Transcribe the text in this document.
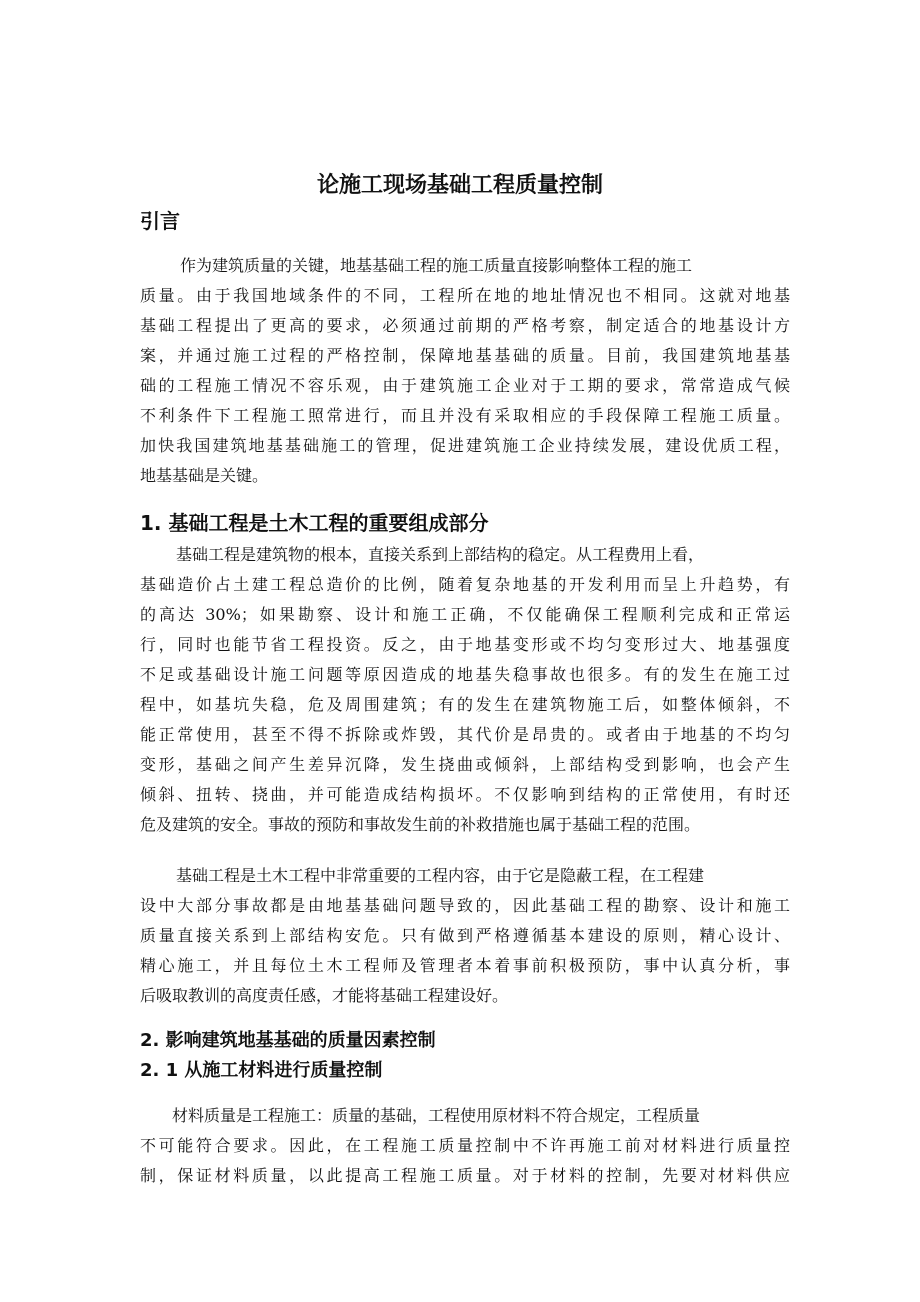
论施工现场基础工程质量控制
引言
作为建筑质量的关键，地基基础工程的施工质量直接影响整体工程的施工
质量。由于我国地域条件的不同，工程所在地的地址情况也不相同。这就对地基
基础工程提出了更高的要求，必须通过前期的严格考察，制定适合的地基设计方
案，并通过施工过程的严格控制，保障地基基础的质量。目前，我国建筑地基基
础的工程施工情况不容乐观，由于建筑施工企业对于工期的要求，常常造成气候
不利条件下工程施工照常进行，而且并没有采取相应的手段保障工程施工质量。
加快我国建筑地基基础施工的管理，促进建筑施工企业持续发展，建设优质工程，
地基基础是关键。
1. 基础工程是土木工程的重要组成部分
基础工程是建筑物的根本，直接关系到上部结构的稳定。从工程费用上看，
基础造价占土建工程总造价的比例，随着复杂地基的开发利用而呈上升趋势，有
的高达 30%；如果勘察、设计和施工正确，不仅能确保工程顺利完成和正常运
行，同时也能节省工程投资。反之，由于地基变形或不均匀变形过大、地基强度
不足或基础设计施工问题等原因造成的地基失稳事故也很多。有的发生在施工过
程中，如基坑失稳，危及周围建筑；有的发生在建筑物施工后，如整体倾斜，不
能正常使用，甚至不得不拆除或炸毁，其代价是昂贵的。或者由于地基的不均匀
变形，基础之间产生差异沉降，发生挠曲或倾斜，上部结构受到影响，也会产生
倾斜、扭转、挠曲，并可能造成结构损坏。不仅影响到结构的正常使用，有时还
危及建筑的安全。事故的预防和事故发生前的补救措施也属于基础工程的范围。
基础工程是土木工程中非常重要的工程内容，由于它是隐蔽工程，在工程建
设中大部分事故都是由地基基础问题导致的，因此基础工程的勘察、设计和施工
质量直接关系到上部结构安危。只有做到严格遵循基本建设的原则，精心设计、
精心施工，并且每位土木工程师及管理者本着事前积极预防，事中认真分析，事
后吸取教训的高度责任感，才能将基础工程建设好。
2. 影响建筑地基基础的质量因素控制
2. 1 从施工材料进行质量控制
材料质量是工程施工：质量的基础，工程使用原材料不符合规定，工程质量
不可能符合要求。因此，在工程施工质量控制中不许再施工前对材料进行质量控
制，保证材料质量，以此提高工程施工质量。对于材料的控制，先要对材料供应
